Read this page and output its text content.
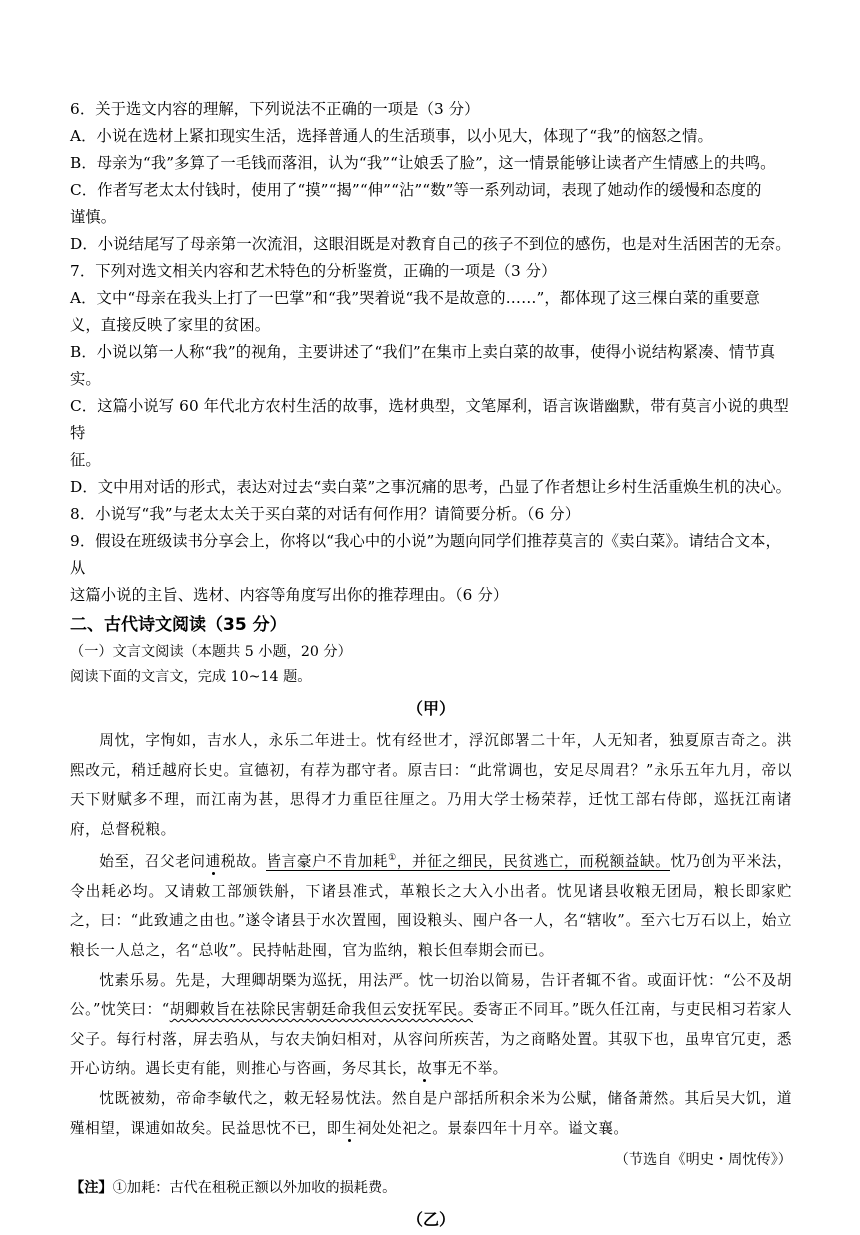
6．关于选文内容的理解，下列说法不正确的一项是（3 分）

A．小说在选材上紧扣现实生活，选择普通人的生活琐事，以小见大，体现了“我”的恼怒之情。

B．母亲为“我”多算了一毛钱而落泪，认为“我”“让娘丢了脸”，这一情景能够让读者产生情感上的共鸣。

C．作者写老太太付钱时，使用了“摸”“揭”“伸”“沾”“数”等一系列动词，表现了她动作的缓慢和态度的

谨慎。

D．小说结尾写了母亲第一次流泪，这眼泪既是对教育自己的孩子不到位的感伤，也是对生活困苦的无奈。

7．下列对选文相关内容和艺术特色的分析鉴赏，正确的一项是（3 分）

A．文中“母亲在我头上打了一巴掌”和“我”哭着说“我不是故意的……”，都体现了这三棵白菜的重要意

义，直接反映了家里的贫困。

B．小说以第一人称“我”的视角，主要讲述了“我们”在集市上卖白菜的故事，使得小说结构紧凑、情节真

实。

C．这篇小说写 60 年代北方农村生活的故事，选材典型，文笔犀利，语言诙谐幽默，带有莫言小说的典型特

征。

D．文中用对话的形式，表达对过去“卖白菜”之事沉痛的思考，凸显了作者想让乡村生活重焕生机的决心。

8．小说写“我”与老太太关于买白菜的对话有何作用？请简要分析。（6 分）

9．假设在班级读书分享会上，你将以“我心中的小说”为题向同学们推荐莫言的《卖白菜》。请结合文本，从

这篇小说的主旨、选材、内容等角度写出你的推荐理由。（6 分）

二、古代诗文阅读（35 分）

（一）文言文阅读（本题共 5 小题，20 分）

阅读下面的文言文，完成 10~14 题。

（甲）

周忱，字恂如，吉水人，永乐二年进士。忱有经世才，浮沉郎署二十年，人无知者，独夏原吉奇之。洪熙改元，稍迁越府长史。宣德初，有荐为郡守者。原吉曰：“此常调也，安足尽周君？”永乐五年九月，帝以天下财赋多不理，而江南为甚，思得才力重臣往厘之。乃用大学士杨荣荐，迁忱工部右侍郎，巡抚江南诸府，总督税粮。

始至，召父老问逋税故。皆言豪户不肯加耗①，并征之细民，民贫逃亡，而税额益缺。忱乃创为平米法，令出耗必均。又请敕工部颁铁斛，下诸县准式，革粮长之大入小出者。忱见诸县收粮无团局，粮长即家贮之，曰：“此致逋之由也。”遂令诸县于水次置囤，囤设粮头、囤户各一人，名“辖收”。至六七万石以上，始立粮长一人总之，名“总收”。民持帖赴囤，官为监纳，粮长但奉期会而已。

忱素乐易。先是，大理卿胡槩为巡抚，用法严。忱一切治以简易，告讦者辄不省。或面讦忱：“公不及胡公。”忱笑曰：“胡卿敕旨在祛除民害朝廷命我但云安抚军民。委寄正不同耳。”既久任江南，与吏民相习若家人父子。每行村落，屏去驺从，与农夫饷妇相对，从容问所疾苦，为之商略处置。其驭下也，虽卑官冗吏，悉开心访纳。遇长吏有能，则推心与咨画，务尽其长，故事无不举。

忱既被劾，帝命李敏代之，敕无轻易忱法。然自是户部括所积余米为公赋，储备萧然。其后吴大饥，道殣相望，课逋如故矣。民益思忱不已，即生祠处处祀之。景泰四年十月卒。谥文襄。

（节选自《明史・周忱传》）

【注】①加耗：古代在租税正额以外加收的损耗费。

（乙）
